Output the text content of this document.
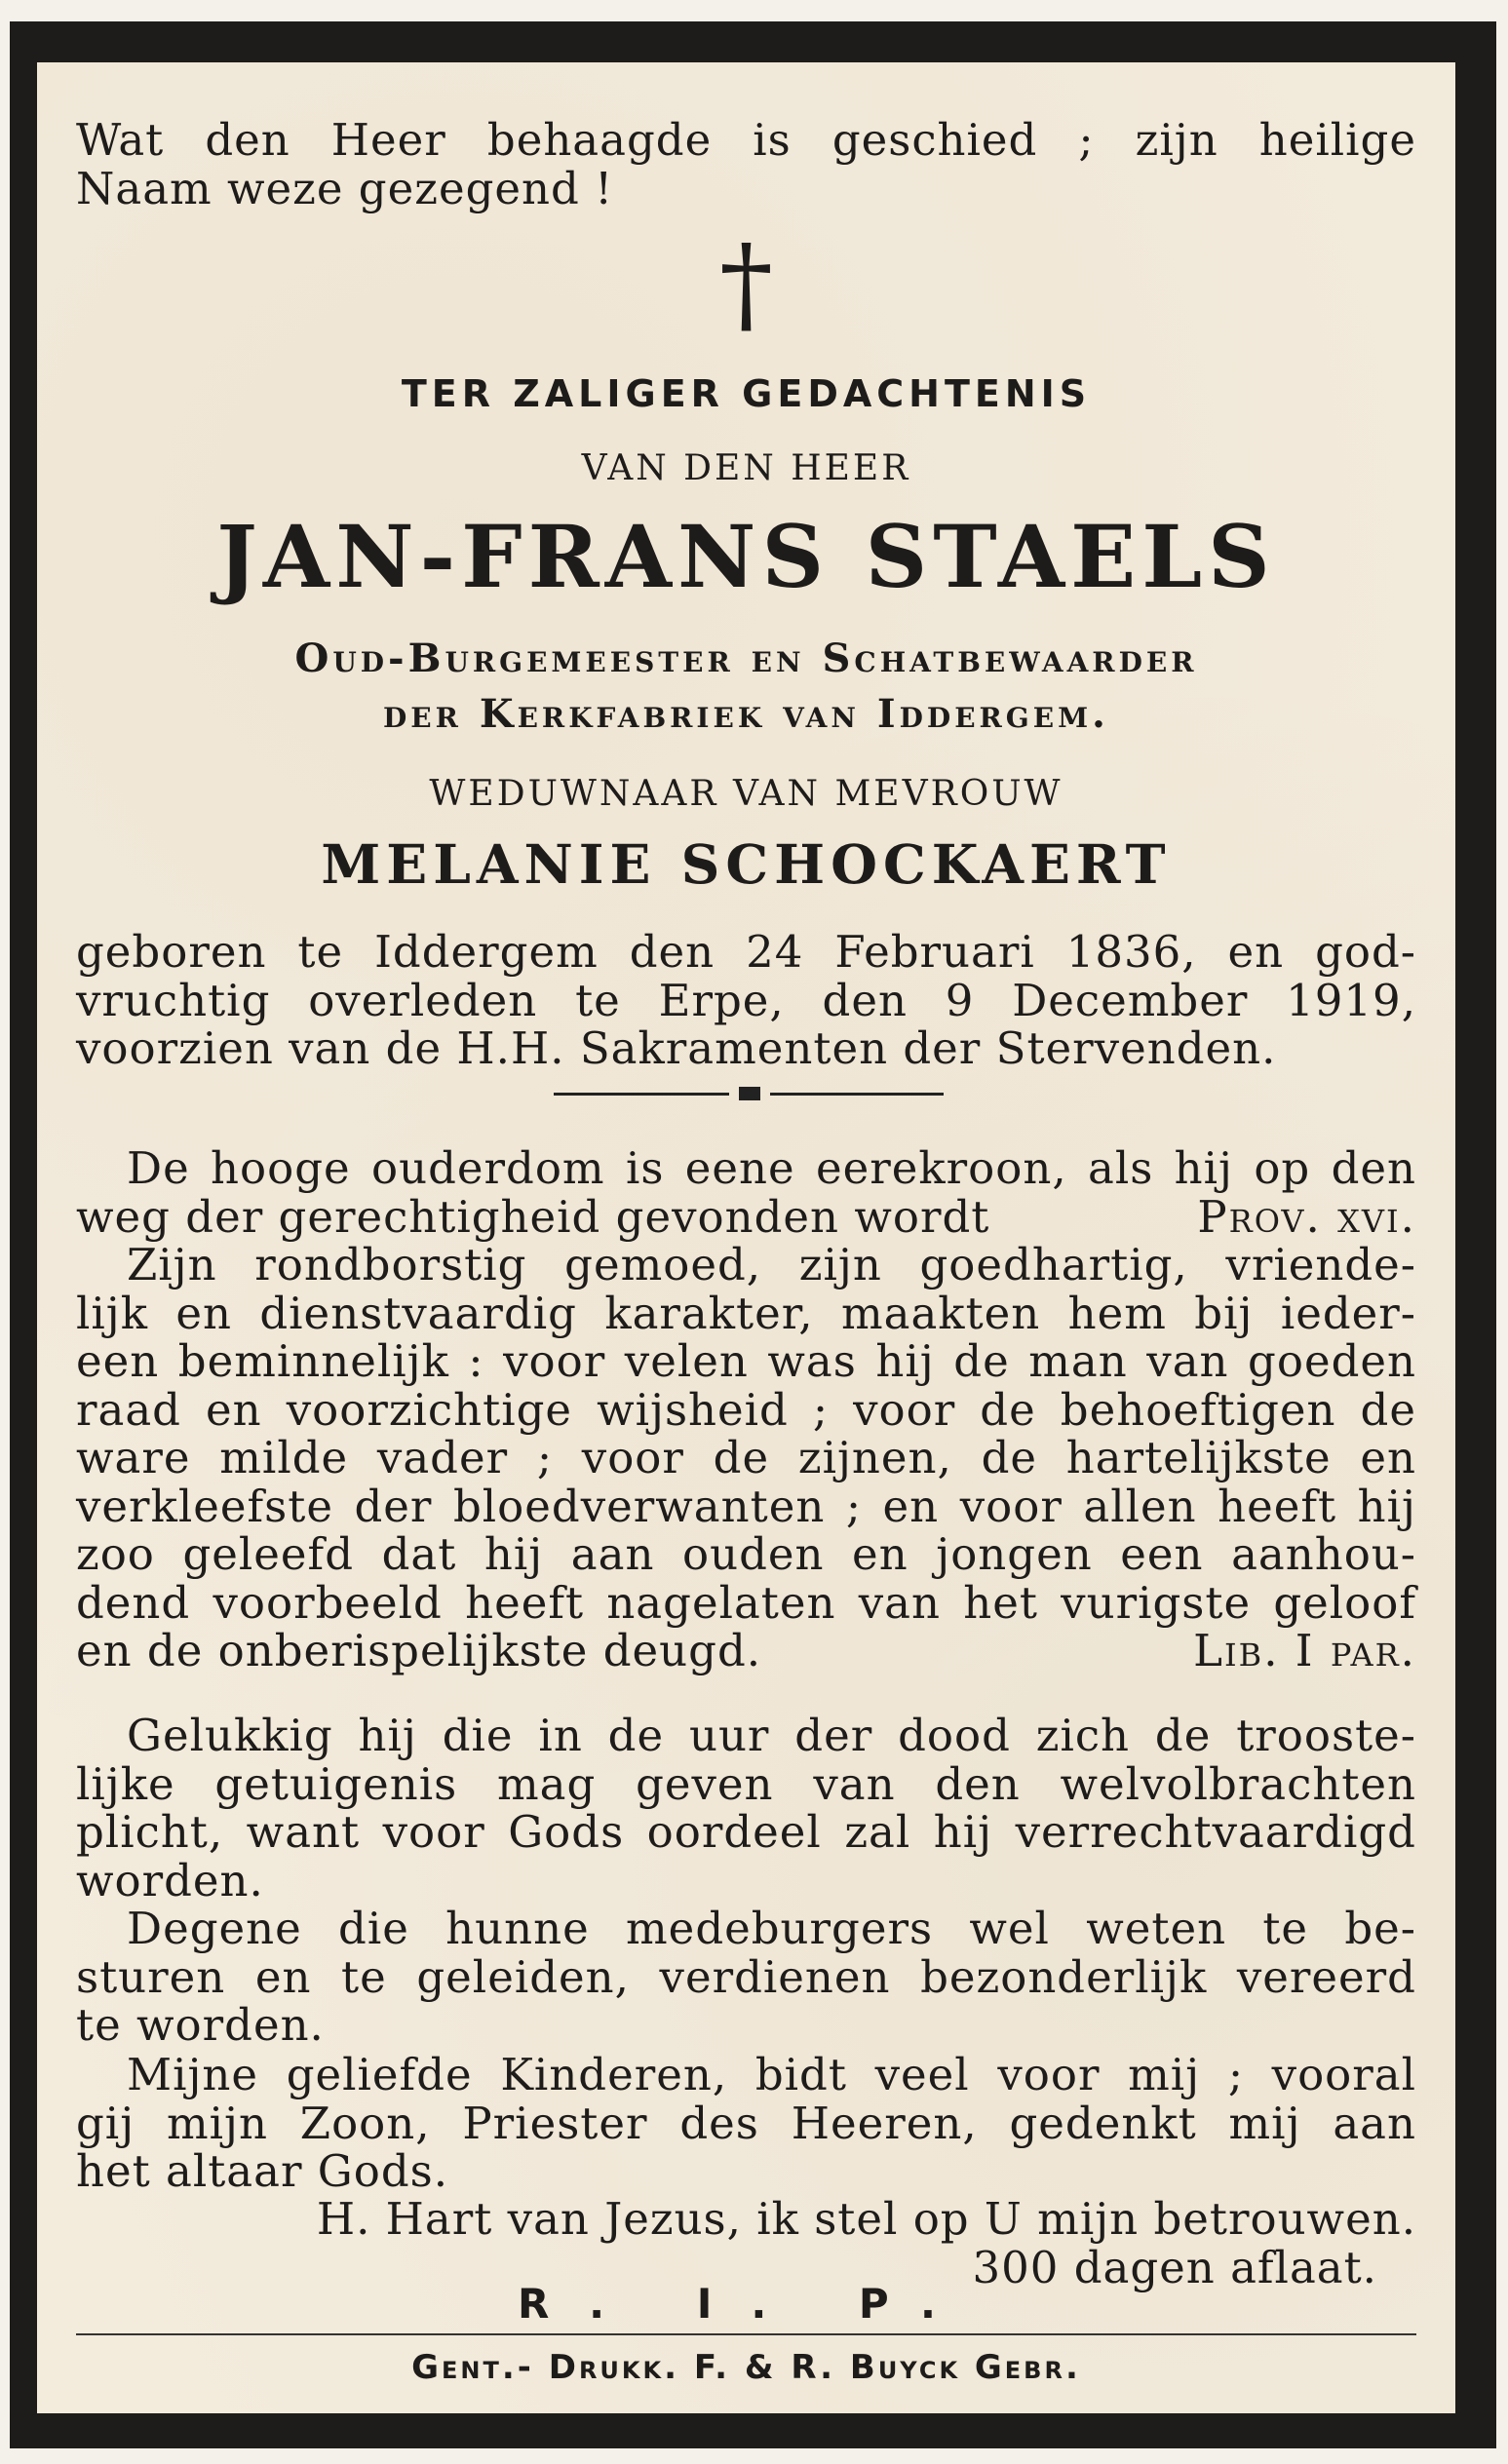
Wat den Heer behaagde is geschied ; zijn heilige
Naam weze gezegend !
†
TER ZALIGER GEDACHTENIS
VAN DEN HEER
JAN-FRANS STAELS
Oud-Burgemeester en Schatbewaarder
der Kerkfabriek van Iddergem.
WEDUWNAAR VAN MEVROUW
MELANIE SCHOCKAERT
geboren te Iddergem den 24 Februari 1836, en god-
vruchtig overleden te Erpe, den 9 December 1919,
voorzien van de H.H. Sakramenten der Stervenden.
De hooge ouderdom is eene eerekroon, als hij op den
weg der gerechtigheid gevonden wordt	Prov. xvi.
Zijn rondborstig gemoed, zijn goedhartig, vriende-
lijk en dienstvaardig karakter, maakten hem bij ieder-
een beminnelijk : voor velen was hij de man van goeden
raad en voorzichtige wijsheid ; voor de behoeftigen de
ware milde vader ; voor de zijnen, de hartelijkste en
verkleefste der bloedverwanten ; en voor allen heeft hij
zoo geleefd dat hij aan ouden en jongen een aanhou-
dend voorbeeld heeft nagelaten van het vurigste geloof
en de onberispelijkste deugd.	Lib. I par.
Gelukkig hij die in de uur der dood zich de trooste-
lijke getuigenis mag geven van den welvolbrachten
plicht, want voor Gods oordeel zal hij verrechtvaardigd
worden.
Degene die hunne medeburgers wel weten te be-
sturen en te geleiden, verdienen bezonderlijk vereerd
te worden.
Mijne geliefde Kinderen, bidt veel voor mij ; vooral
gij mijn Zoon, Priester des Heeren, gedenkt mij aan
het altaar Gods.
H. Hart van Jezus, ik stel op U mijn betrouwen.
300 dagen aflaat.
R. I. P.
Gent.- Drukk. F. & R. Buyck Gebr.
